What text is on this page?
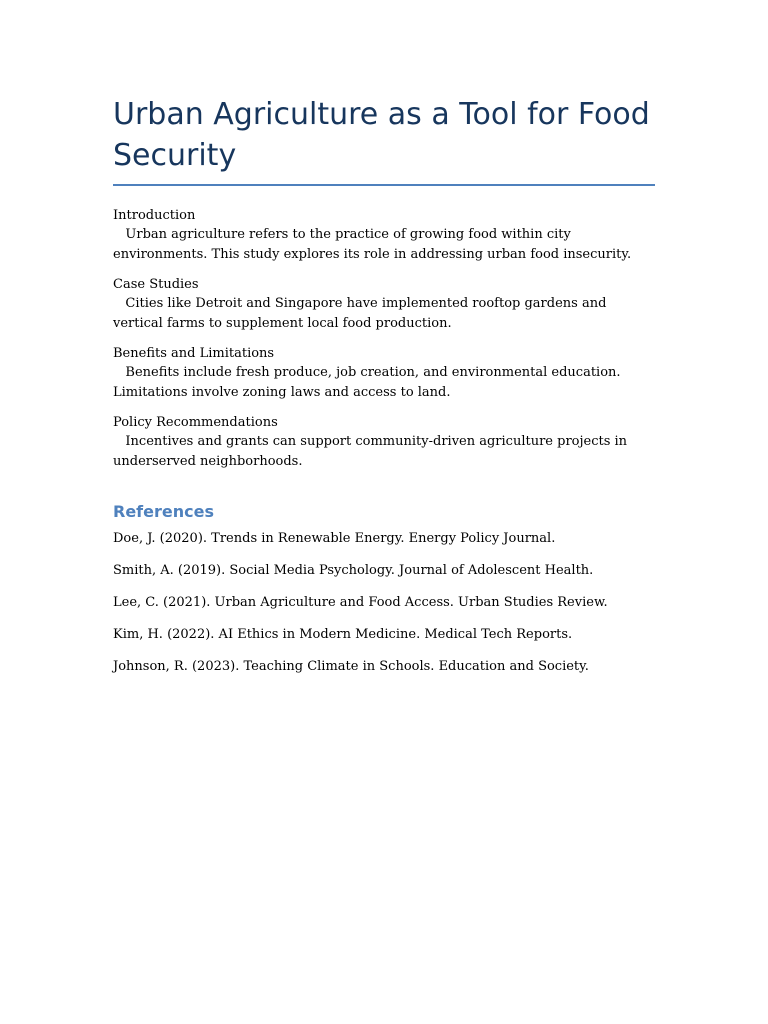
Urban Agriculture as a Tool for Food Security

Introduction

Urban agriculture refers to the practice of growing food within city environments. This study explores its role in addressing urban food insecurity.

Case Studies

Cities like Detroit and Singapore have implemented rooftop gardens and vertical farms to supplement local food production.

Benefits and Limitations

Benefits include fresh produce, job creation, and environmental education. Limitations involve zoning laws and access to land.

Policy Recommendations

Incentives and grants can support community-driven agriculture projects in underserved neighborhoods.

References
Doe, J. (2020). Trends in Renewable Energy. Energy Policy Journal.
Smith, A. (2019). Social Media Psychology. Journal of Adolescent Health.
Lee, C. (2021). Urban Agriculture and Food Access. Urban Studies Review.
Kim, H. (2022). AI Ethics in Modern Medicine. Medical Tech Reports.
Johnson, R. (2023). Teaching Climate in Schools. Education and Society.
